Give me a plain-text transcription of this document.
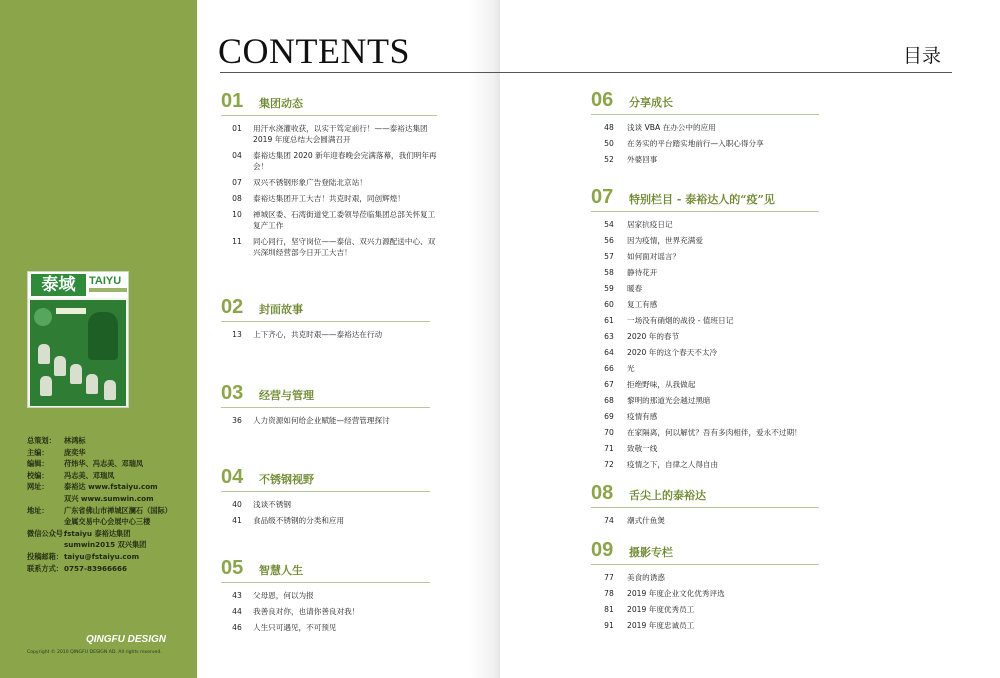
泰域	TAIYU
总策划：	林鸿标
主编：	庞奕华
编辑：	苻炜华、冯志美、邓瑞凤
校编：	冯志美、邓瑞凤
网址：	泰裕达 www.fstaiyu.com
双兴 www.sumwin.com
地址：	广东省佛山市禅城区澜石（国际）
金属交易中心会展中心三楼
微信公众号：
fstaiyu 泰裕达集团
sumwin2015 双兴集团
投稿邮箱： taiyu@fstaiyu.com
联系方式： 0757-83966666
QINGFU DESIGN
Copyright © 2010 QINGFU DESIGN AD. All rights reserved.
CONTENTS	目录
01	集团动态
01	用汗水浇灌收获，以实干笃定前行！——泰裕达集团 2019 年度总结大会圆满召开
04	泰裕达集团 2020 新年迎春晚会完满落幕，我们明年再会！
07	双兴不锈钢形象广告登陆北京站！
08	泰裕达集团开工大吉！共克时艰，同创辉煌！
10	禅城区委、石湾街道党工委领导莅临集团总部关怀复工复产工作
11	同心同行，坚守岗位——泰信、双兴力源配送中心、双兴深圳经营部今日开工大吉！
02	封面故事
13	上下齐心，共克时艰——泰裕达在行动
03	经营与管理
36	人力资源如何给企业赋能—经营管理探讨
04	不锈钢视野
40	浅谈不锈钢
41	食品级不锈钢的分类和应用
05	智慧人生
43	父母恩，何以为报
44	我善良对你，也请你善良对我！
46	人生只可遇见，不可预见
06	分享成长
48	浅谈 VBA 在办公中的应用
50	在务实的平台踏实地前行—入职心得分享
52	外婆回事
07	特别栏目 - 泰裕达人的“疫”见
54	居家抗疫日记
56	因为疫情，世界充满爱
57	如何面对谣言？
58	静待花开
59	暖春
60	复工有感
61	一场没有硝烟的战役 - 值班日记
63	2020 年的春节
64	2020 年的这个春天不太冷
66	光
67	拒绝野味，从我做起
68	黎明的那道光会越过黑暗
69	疫情有感
70	在家隔离，何以解忧？吾有多肉相伴，爱永不过期！
71	致敬一线
72	疫情之下，自律之人得自由
08	舌尖上的泰裕达
74	潮式什鱼煲
09	摄影专栏
77	美食的诱惑
78	2019 年度企业文化优秀评选
81	2019 年度优秀员工
91	2019 年度忠诚员工
